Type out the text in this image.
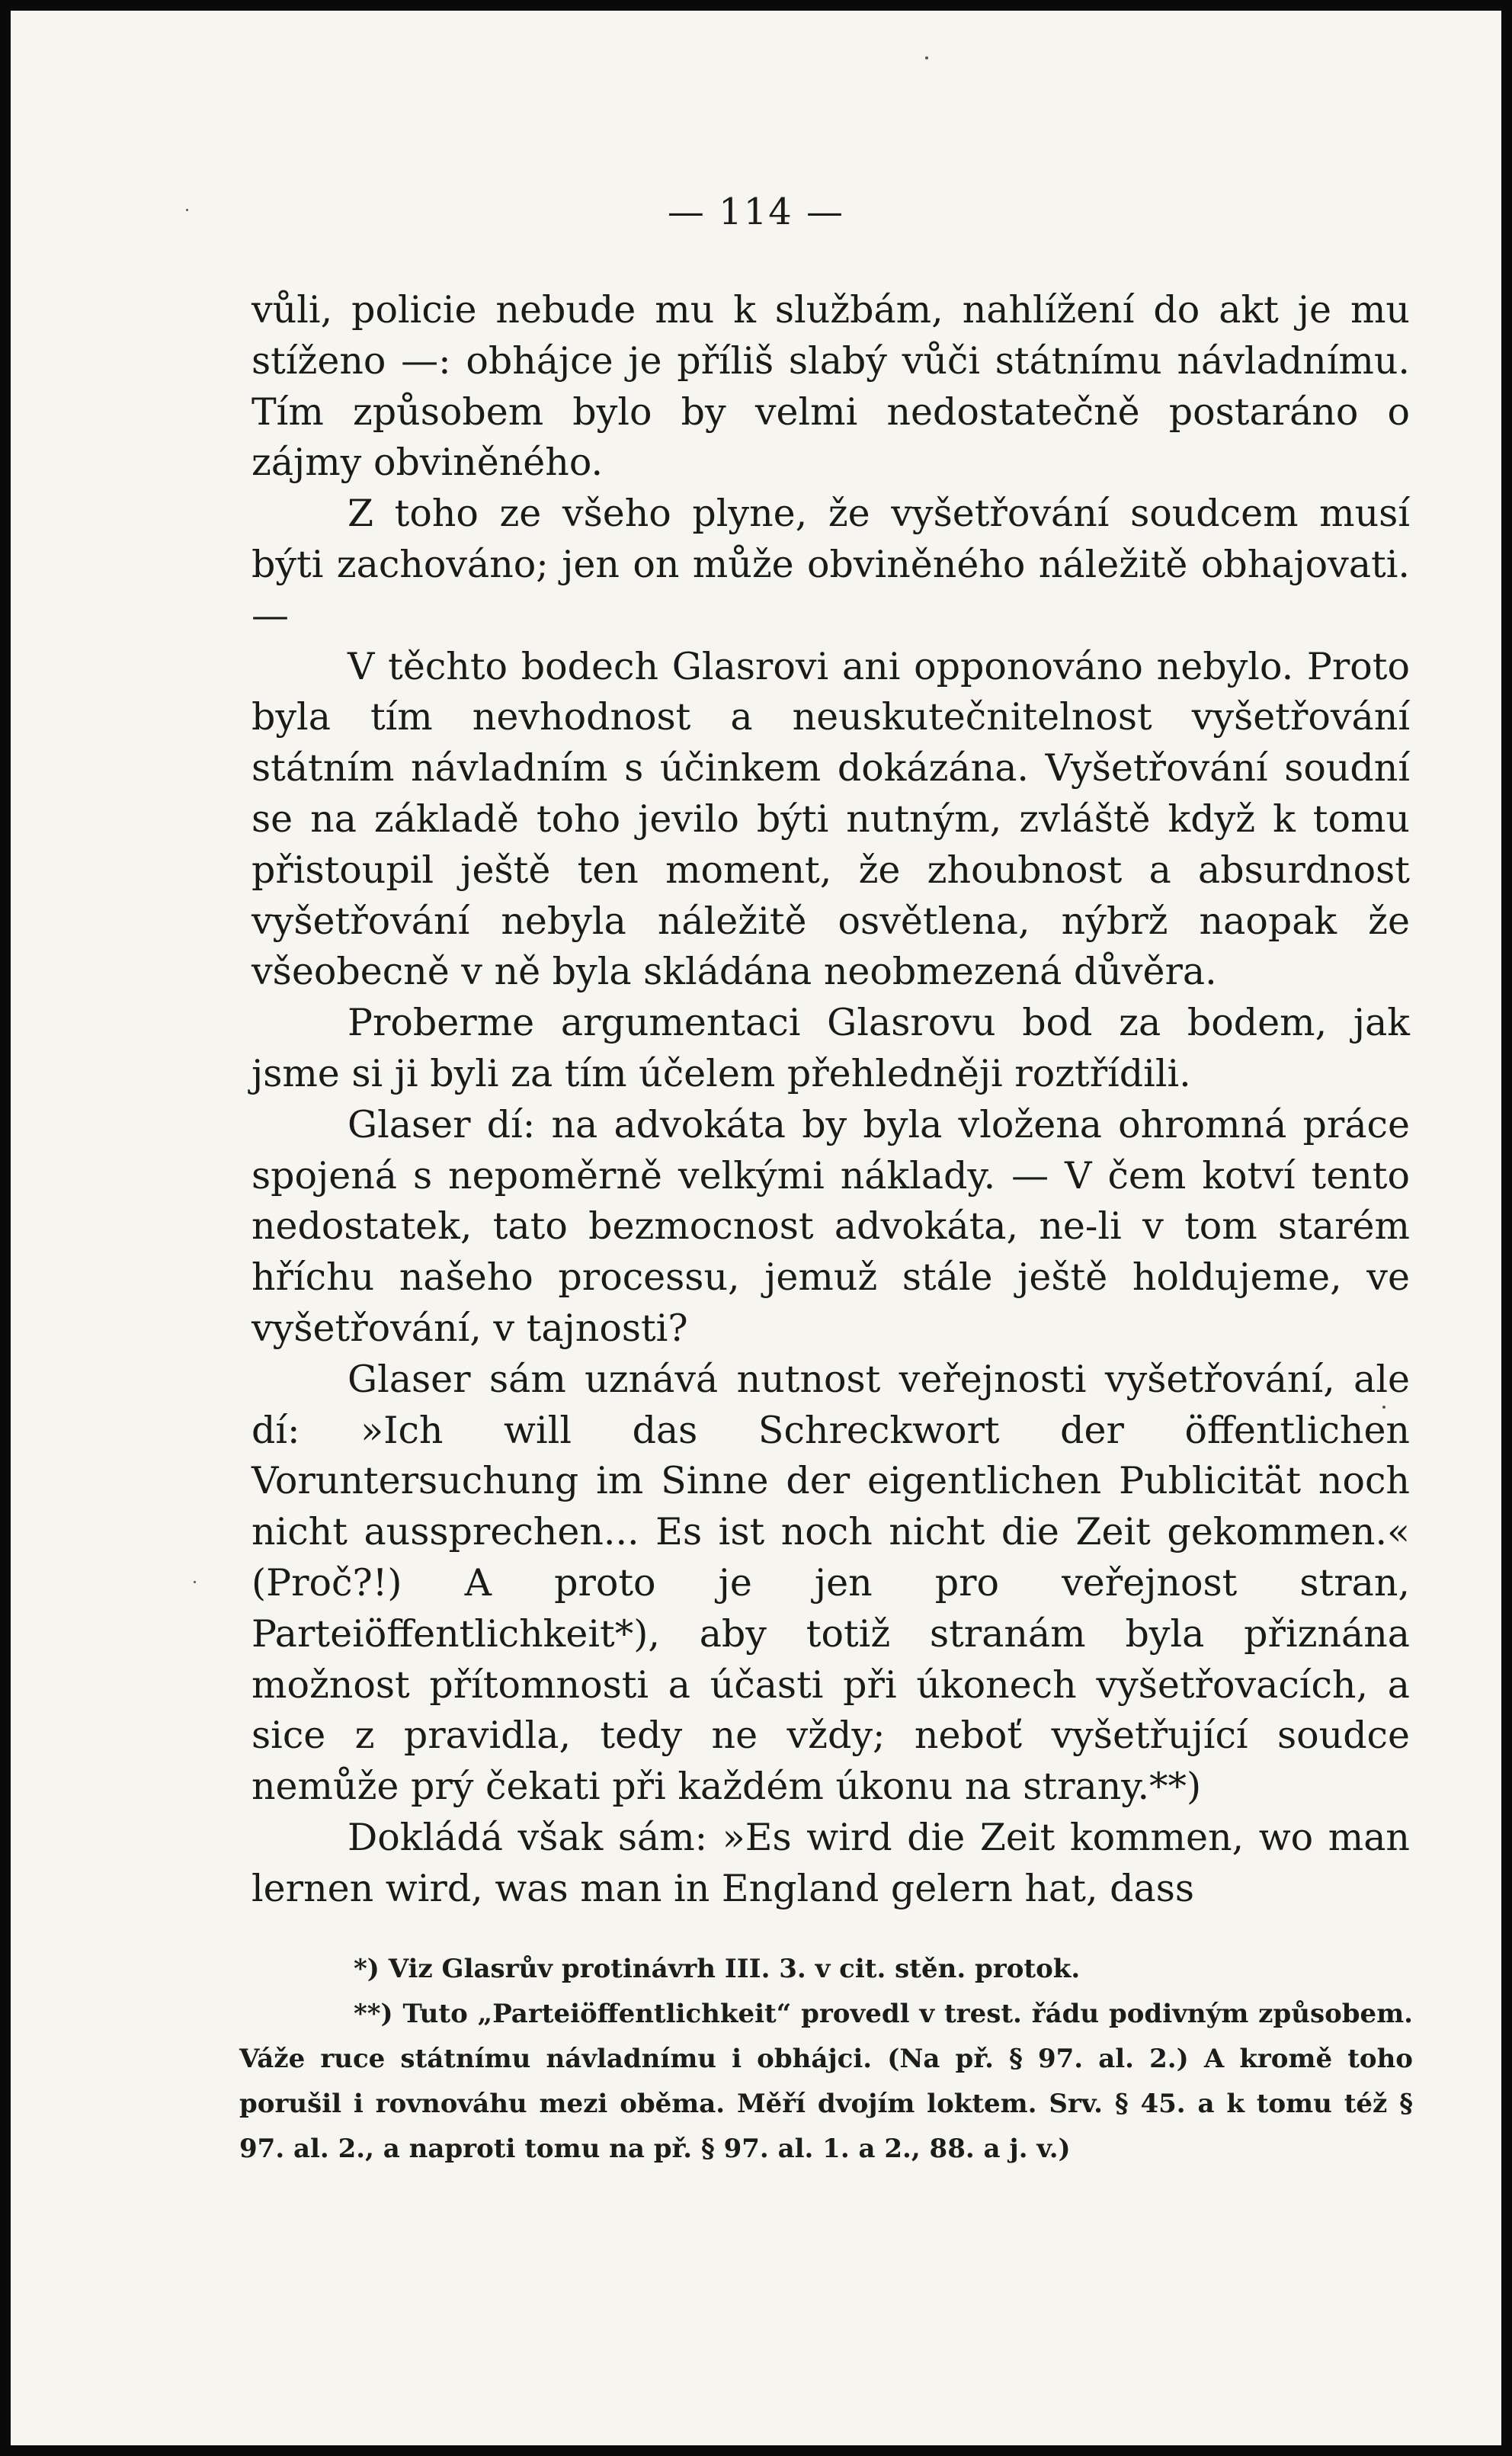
— 114 —

vůli, policie nebude mu k službám, nahlížení do akt je mu stíženo —: obhájce je příliš slabý vůči státnímu návladnímu. Tím způsobem bylo by velmi nedostatečně postaráno o zájmy obviněného.

Z toho ze všeho plyne, že vyšetřování soudcem musí býti zachováno; jen on může obviněného náležitě obhajovati. —

V těchto bodech Glasrovi ani opponováno nebylo. Proto byla tím nevhodnost a neuskutečnitelnost vyšetřování státním návladním s účinkem dokázána. Vyšetřování soudní se na základě toho jevilo býti nutným, zvláště když k tomu přistoupil ještě ten moment, že zhoubnost a absurdnost vyšetřování nebyla náležitě osvětlena, nýbrž naopak že všeobecně v ně byla skládána neobmezená důvěra.

Proberme argumentaci Glasrovu bod za bodem, jak jsme si ji byli za tím účelem přehledněji roztřídili.

Glaser dí: na advokáta by byla vložena ohromná práce spojená s nepoměrně velkými náklady. — V čem kotví tento nedostatek, tato bezmocnost advokáta, ne-li v tom starém hříchu našeho processu, jemuž stále ještě holdujeme, ve vyšetřování, v tajnosti?

Glaser sám uznává nutnost veřejnosti vyšetřování, ale dí: »Ich will das Schreckwort der öffentlichen Voruntersuchung im Sinne der eigentlichen Publicität noch nicht aussprechen... Es ist noch nicht die Zeit gekommen.« (Proč?!) A proto je jen pro veřejnost stran, Parteiöffentlichkeit*), aby totiž stranám byla přiznána možnost přítomnosti a účasti při úkonech vyšetřovacích, a sice z pravidla, tedy ne vždy; neboť vyšetřující soudce nemůže prý čekati při každém úkonu na strany.**)

Dokládá však sám: »Es wird die Zeit kommen, wo man lernen wird, was man in England gelern hat, dass

*) Viz Glasrův protinávrh III. 3. v cit. stěn. protok.

**) Tuto „Parteiöffentlichkeit“ provedl v trest. řádu podivným způsobem. Váže ruce státnímu návladnímu i obhájci. (Na př. § 97. al. 2.) A kromě toho porušil i rovnováhu mezi oběma. Měří dvojím loktem. Srv. § 45. a k tomu též § 97. al. 2., a naproti tomu na př. § 97. al. 1. a 2., 88. a j. v.)
